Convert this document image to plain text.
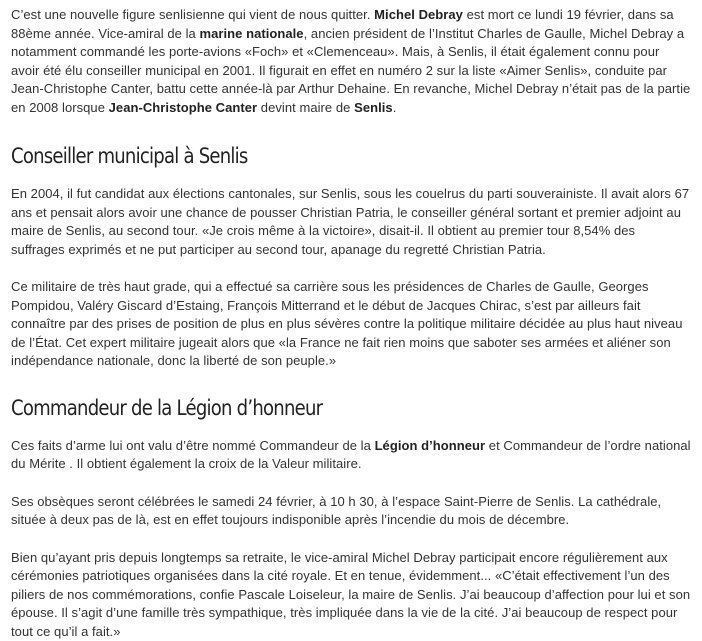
C’est une nouvelle figure senlisienne qui vient de nous quitter. Michel Debray est mort ce lundi 19 février, dans sa 88ème année. Vice-amiral de la marine nationale, ancien président de l’Institut Charles de Gaulle, Michel Debray a notamment commandé les porte-avions «Foch» et «Clemenceau». Mais, à Senlis, il était également connu pour avoir été élu conseiller municipal en 2001. Il figurait en effet en numéro 2 sur la liste «Aimer Senlis», conduite par Jean-Christophe Canter, battu cette année-là par Arthur Dehaine. En revanche, Michel Debray n’était pas de la partie en 2008 lorsque Jean-Christophe Canter devint maire de Senlis.

Conseiller municipal à Senlis

En 2004, il fut candidat aux élections cantonales, sur Senlis, sous les couelrus du parti souverainiste. Il avait alors 67 ans et pensait alors avoir une chance de pousser Christian Patria, le conseiller général sortant et premier adjoint au maire de Senlis, au second tour. «Je crois même à la victoire», disait-il. Il obtient au premier tour 8,54% des suffrages exprimés et ne put participer au second tour, apanage du regretté Christian Patria.

Ce militaire de très haut grade, qui a effectué sa carrière sous les présidences de Charles de Gaulle, Georges Pompidou, Valéry Giscard d’Estaing, François Mitterrand et le début de Jacques Chirac, s’est par ailleurs fait connaître par des prises de position de plus en plus sévères contre la politique militaire décidée au plus haut niveau de l’État. Cet expert militaire jugeait alors que «la France ne fait rien moins que saboter ses armées et aliéner son indépendance nationale, donc la liberté de son peuple.»

Commandeur de la Légion d’honneur

Ces faits d’arme lui ont valu d’être nommé Commandeur de la Légion d’honneur et Commandeur de l’ordre national du Mérite . Il obtient également la croix de la Valeur militaire.

Ses obsèques seront célébrées le samedi 24 février, à 10 h 30, à l’espace Saint-Pierre de Senlis. La cathédrale, située à deux pas de là, est en effet toujours indisponible après l’incendie du mois de décembre.

Bien qu’ayant pris depuis longtemps sa retraite, le vice-amiral Michel Debray participait encore régulièrement aux cérémonies patriotiques organisées dans la cité royale. Et en tenue, évidemment... «C’était effectivement l’un des piliers de nos commémorations, confie Pascale Loiseleur, la maire de Senlis. J’ai beaucoup d’affection pour lui et son épouse. Il s’agit d’une famille très sympathique, très impliquée dans la vie de la cité. J’ai beaucoup de respect pour tout ce qu’il a fait.»
